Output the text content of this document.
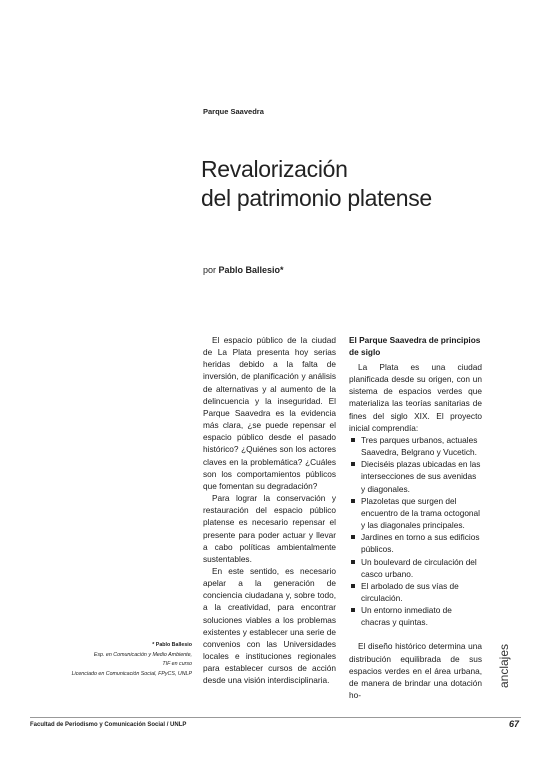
Parque Saavedra
Revalorización
del patrimonio platense
por Pablo Ballesio*

El espacio público de la ciudad de La Plata presenta hoy serias heridas debido a la falta de inversión, de planificación y análisis de alternativas y al aumento de la delincuencia y la inseguridad. El Parque Saavedra es la evidencia más clara, ¿se puede repensar el espacio público desde el pasado histórico? ¿Quiénes son los actores claves en la problemática? ¿Cuáles son los comportamientos públicos que fomentan su degradación?

Para lograr la conservación y restauración del espacio público platense es necesario repensar el presente para poder actuar y llevar a cabo políticas ambientalmente sustentables.

En este sentido, es necesario apelar a la generación de conciencia ciudadana y, sobre todo, a la creatividad, para encontrar soluciones viables a los problemas existentes y establecer una serie de convenios con las Universidades locales e instituciones regionales para establecer cursos de acción desde una visión interdisciplinaria.

El Parque Saavedra de principios de siglo

La Plata es una ciudad planificada desde su origen, con un sistema de espacios verdes que materializa las teorías sanitarias de fines del siglo XIX. El proyecto inicial comprendía:

Tres parques urbanos, actuales Saavedra, Belgrano y Vucetich.
Dieciséis plazas ubicadas en las intersecciones de sus avenidas y diagonales.
Plazoletas que surgen del encuentro de la trama octogonal y las diagonales principales.
Jardines en torno a sus edificios públicos.
Un boulevard de circulación del casco urbano.
El arbolado de sus vías de circulación.
Un entorno inmediato de chacras y quintas.

El diseño histórico determina una distribución equilibrada de sus espacios verdes en el área urbana, de manera de brindar una dotación ho-

* Pablo Ballesio
Esp. en Comunicación y Medio Ambiente,
TIF en curso
Licenciado en Comunicación Social, FPyCS, UNLP	anclajes
Facultad de Periodismo y Comunicación Social / UNLP	67
